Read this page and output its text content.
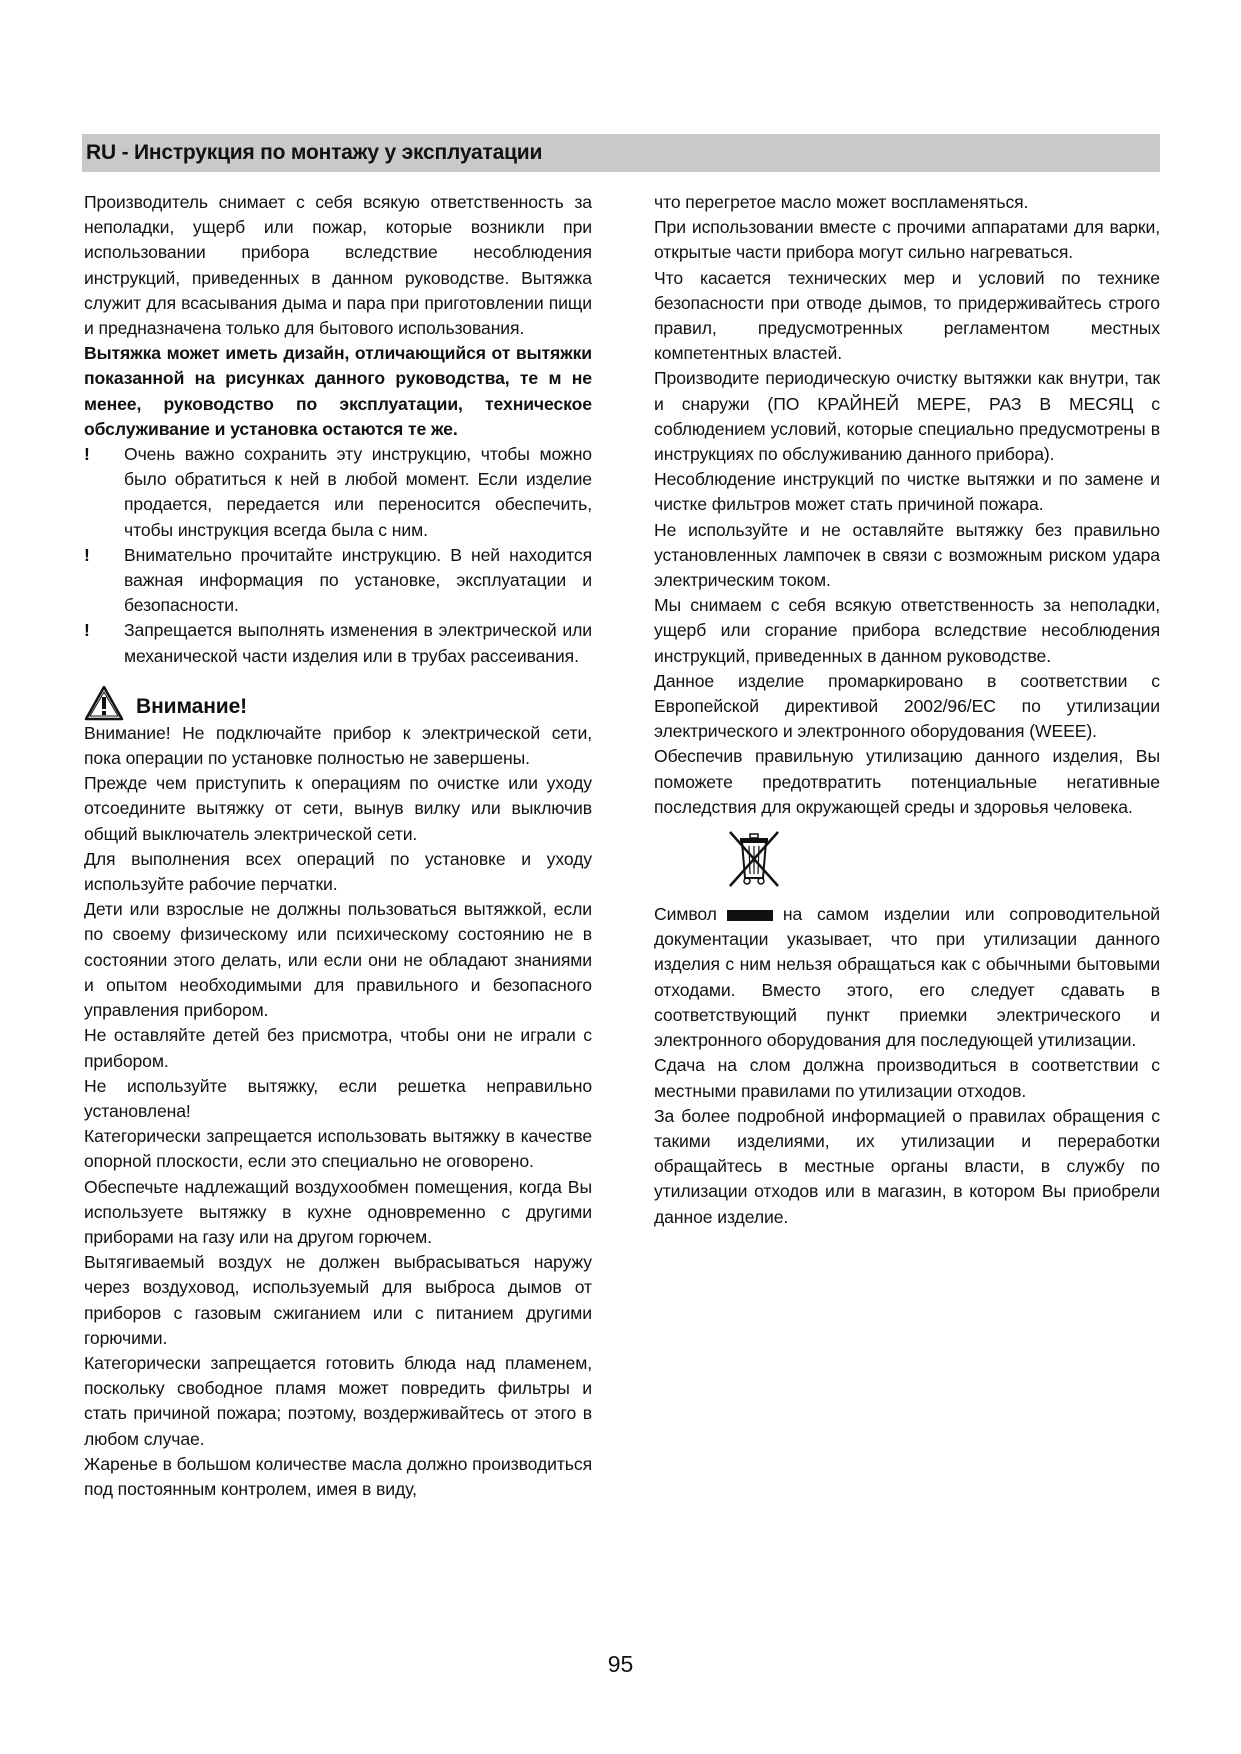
RU - Инструкция по монтажу у эксплуатации

Производитель снимает с себя всякую ответственность за неполадки, ущерб или пожар, которые возникли при использовании прибора вследствие несоблюдения инструкций, приведенных в данном руководстве. Вытяжка служит для всасывания дыма и пара при приготовлении пищи и предназначена только для бытового использования.

Вытяжка может иметь дизайн, отличающийся от вытяжки показанной на рисунках данного руководства, те м не менее, руководство по эксплуатации, техническое обслуживание и установка остаются те же.

!	Очень важно сохранить эту инструкцию, чтобы можно было обратиться к ней в любой момент. Если изделие продается, передается или переносится обеспечить, чтобы инструкция всегда была с ним.
!	Внимательно прочитайте инструкцию. В ней находится важная информация по установке, эксплуатации и безопасности.
!	Запрещается выполнять изменения в электрической или механической части изделия или в трубах рассеивания.
Внимание!

Внимание! Не подключайте прибор к электрической сети, пока операции по установке полностью не завершены.

Прежде чем приступить к операциям по очистке или уходу отсоедините вытяжку от сети, вынув вилку или выключив общий выключатель электрической сети.

Для выполнения всех операций по установке и уходу используйте рабочие перчатки.

Дети или взрослые не должны пользоваться вытяжкой, если по своему физическому или психическому состоянию не в состоянии этого делать, или если они не обладают знаниями и опытом необходимыми для правильного и безопасного управления прибором.

Не оставляйте детей без присмотра, чтобы они не играли с прибором.

Не используйте вытяжку, если решетка неправильно установлена!

Категорически запрещается использовать вытяжку в качестве опорной плоскости, если это специально не оговорено.

Обеспечьте надлежащий воздухообмен помещения, когда Вы используете вытяжку в кухне одновременно с другими приборами на газу или на другом горючем.

Вытягиваемый воздух не должен выбрасываться наружу через воздуховод, используемый для выброса дымов от приборов с газовым сжиганием или с питанием другими горючими.

Категорически запрещается готовить блюда над пламенем, поскольку свободное пламя может повредить фильтры и стать причиной пожара; поэтому, воздерживайтесь от этого в любом случае.

Жаренье в большом количестве масла должно производиться под постоянным контролем, имея в виду,

что перегретое масло может воспламеняться.

При использовании вместе с прочими аппаратами для варки, открытые части прибора могут сильно нагреваться.

Что касается технических мер и условий по технике безопасности при отводе дымов, то придерживайтесь строго правил, предусмотренных регламентом местных компетентных властей.

Производите периодическую очистку вытяжки как внутри, так и снаружи (ПО КРАЙНЕЙ МЕРЕ, РАЗ В МЕСЯЦ с соблюдением условий, которые специально предусмотрены в инструкциях по обслуживанию данного прибора).

Несоблюдение инструкций по чистке вытяжки и по замене и чистке фильтров может стать причиной пожара.

Не используйте и не оставляйте вытяжку без правильно установленных лампочек в связи с возможным риском удара электрическим током.

Мы снимаем с себя всякую ответственность за неполадки, ущерб или сгорание прибора вследствие несоблюдения инструкций, приведенных в данном руководстве.

Данное изделие промаркировано в соответствии с Европейской директивой 2002/96/ЕС по утилизации электрического и электронного оборудования (WEEE).

Обеспечив правильную утилизацию данного изделия, Вы поможете предотвратить потенциальные негативные последствия для окружающей среды и здоровья человека.

Символ	на самом изделии или сопроводительной документации указывает, что при утилизации данного изделия с ним нельзя обращаться как с обычными бытовыми отходами. Вместо этого, его следует сдавать в соответствующий пункт приемки электрического и электронного оборудования для последующей утилизации.

Сдача на слом должна производиться в соответствии с местными правилами по утилизации отходов.

За более подробной информацией о правилах обращения с такими изделиями, их утилизации и переработки обращайтесь в местные органы власти, в службу по утилизации отходов или в магазин, в котором Вы приобрели данное изделие.

95
